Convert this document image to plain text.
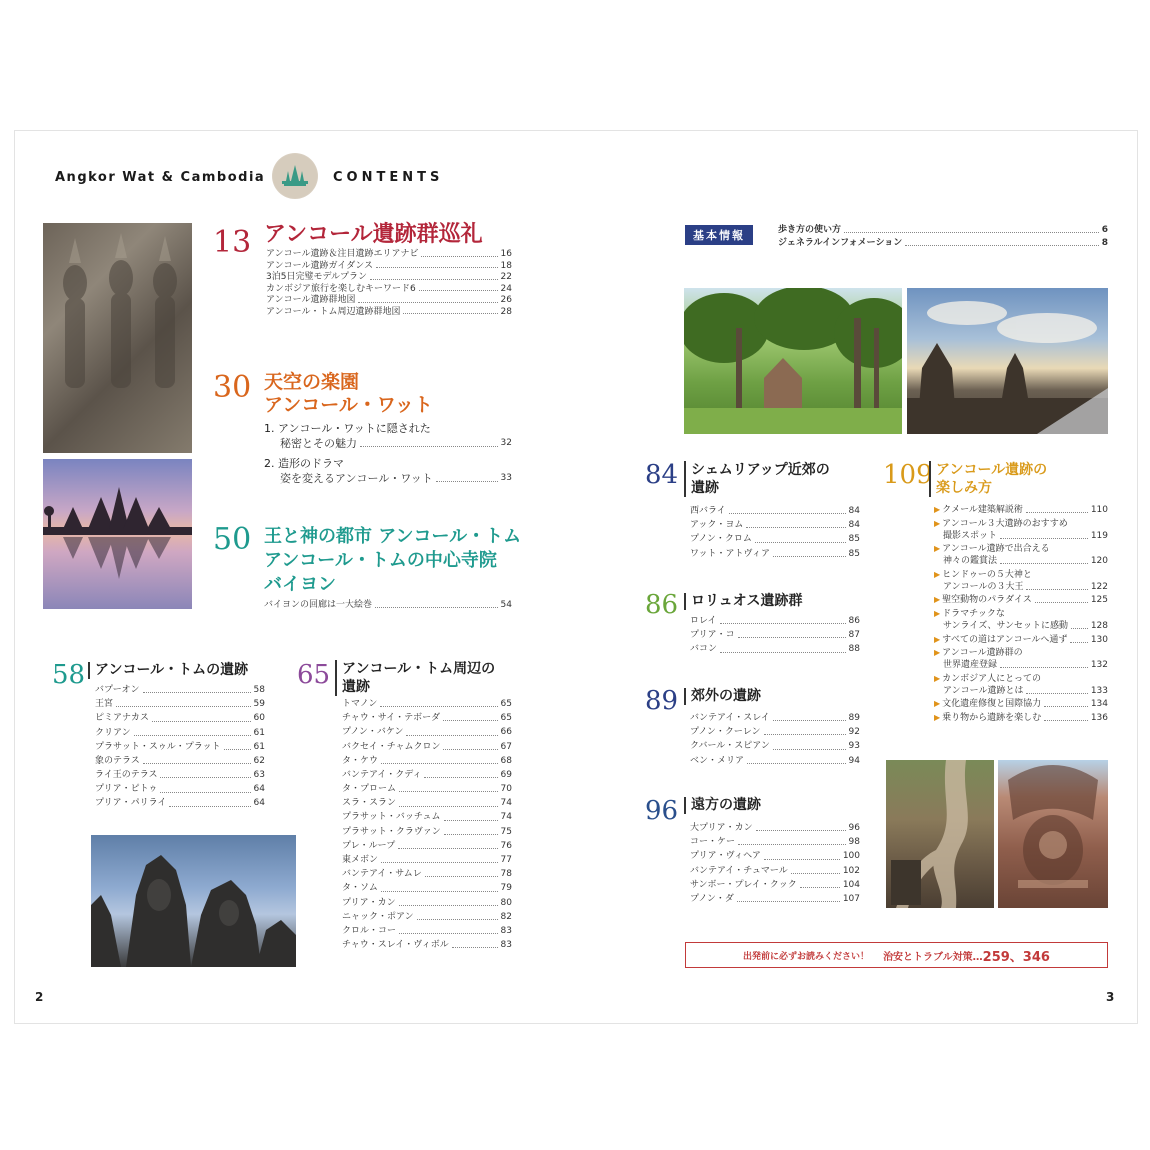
Angkor Wat & Cambodia	CONTENTS
13 アンコール遺跡群巡礼
アンコール遺跡＆注目遺跡エリアナビ	16
アンコール遺跡ガイダンス	18
3泊5日完璧モデルプラン	22
カンボジア旅行を楽しむキーワード6	24
アンコール遺跡群地図	26
アンコール・トム周辺遺跡群地図	28
30 天空の楽園
アンコール・ワット
1. アンコール・ワットに隠された
秘密とその魅力	32
2. 造形のドラマ
姿を変えるアンコール・ワット	33
50 王と神の都市 アンコール・トム
アンコール・トムの中心寺院
バイヨン
バイヨンの回廊は一大絵巻	54
58 アンコール・トムの遺跡
バプーオン	58
王宮	59
ピミアナカス	60
クリアン	61
プラサット・スゥル・プラット	61
象のテラス	62
ライ王のテラス	63
プリア・ピトゥ	64
プリア・パリライ	64
65 アンコール・トム周辺の
遺跡
トマノン	65
チャウ・サイ・テボーダ	65
プノン・バケン	66
バクセイ・チャムクロン	67
タ・ケウ	68
バンテアイ・クディ	69
タ・プローム	70
スラ・スラン	74
プラサット・バッチュム	74
プラサット・クラヴァン	75
プレ・ループ	76
東メボン	77
バンテアイ・サムレ	78
タ・ソム	79
プリア・カン	80
ニャック・ポアン	82
クロル・コー	83
チャウ・スレイ・ヴィボル	83
基本情報	歩き方の使い方	6
ジェネラルインフォメーション	8
84 シェムリアップ近郊の
遺跡
西バライ	84
アック・ヨム	84
プノン・クロム	85
ワット・アトヴィア	85
86 ロリュオス遺跡群
ロレイ	86
プリア・コ	87
バコン	88
89 郊外の遺跡
バンテアイ・スレイ	89
プノン・クーレン	92
クバール・スピアン	93
ベン・メリア	94
96 遠方の遺跡
大プリア・カン	96
コー・ケー	98
プリア・ヴィヘア	100
バンテアイ・チュマール	102
サンボー・プレイ・クック	104
プノン・ダ	107
109 アンコール遺跡の
楽しみ方
▶ クメール建築解説術	110
▶ アンコール３大遺跡のおすすめ
撮影スポット	119
▶ アンコール遺跡で出合える
神々の鑑賞法	120
▶ ヒンドゥーの５大神と
アンコールの３大王	122
▶ 聖空動物のパラダイス	125
▶ ドラマチックな
サンライズ、サンセットに感動	128
▶ すべての道はアンコールへ通ず	130
▶ アンコール遺跡群の
世界遺産登録	132
▶ カンボジア人にとっての
アンコール遺跡とは	133
▶ 文化遺産修復と国際協力	134
▶ 乗り物から遺跡を楽しむ	136
出発前に必ずお読みください！ 治安とトラブル対策… 259、346
2	3
